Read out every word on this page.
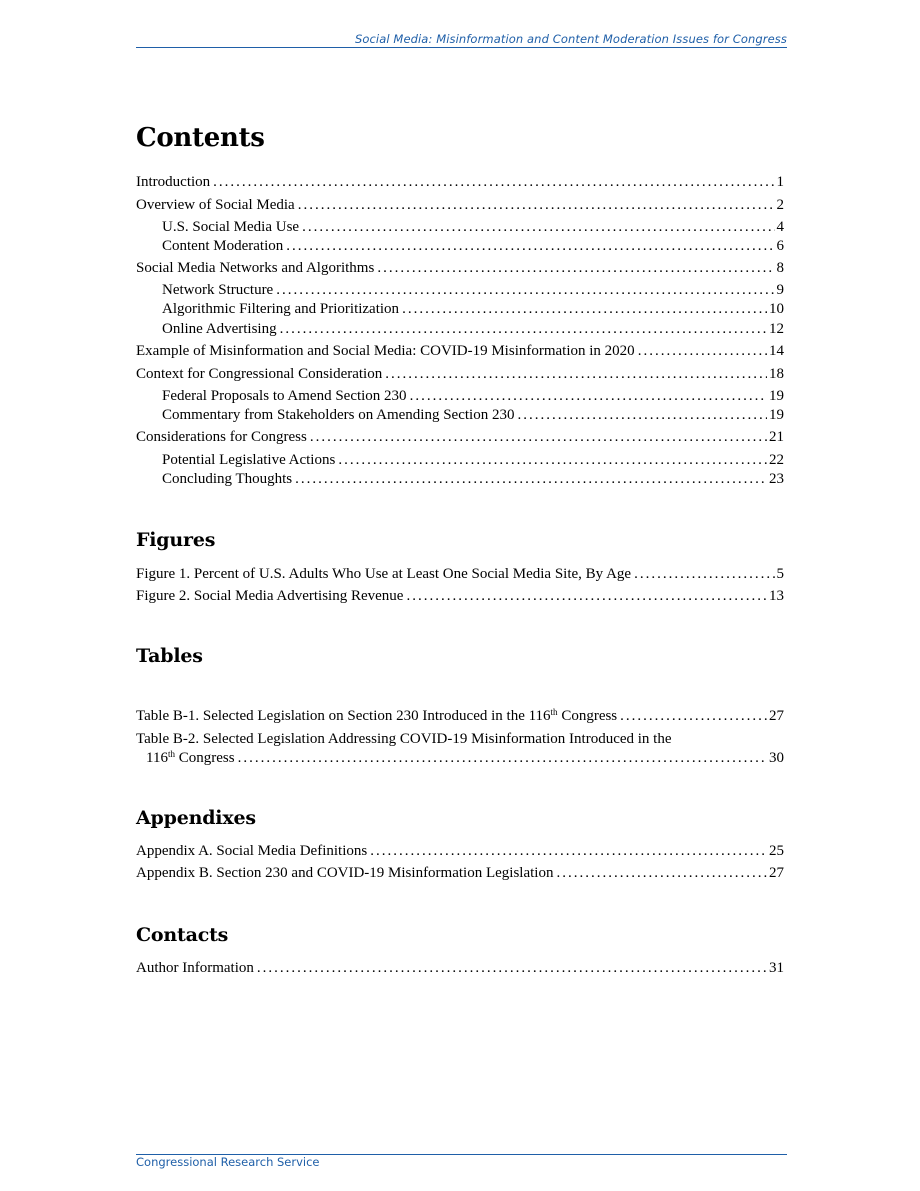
Social Media: Misinformation and Content Moderation Issues for Congress
Contents
Introduction .....	1
Overview of Social Media .....	2
U.S. Social Media Use .....	4
Content Moderation .....	6
Social Media Networks and Algorithms .....	8
Network Structure .....	9
Algorithmic Filtering and Prioritization .....	10
Online Advertising .....	12
Example of Misinformation and Social Media: COVID-19 Misinformation in 2020 .....	14
Context for Congressional Consideration .....	18
Federal Proposals to Amend Section 230 .....	19
Commentary from Stakeholders on Amending Section 230 .....	19
Considerations for Congress .....	21
Potential Legislative Actions .....	22
Concluding Thoughts .....	23
Figures
Figure 1. Percent of U.S. Adults Who Use at Least One Social Media Site, By Age .....	5
Figure 2. Social Media Advertising Revenue .....	13
Tables
Table B-1. Selected Legislation on Section 230 Introduced in the 116th Congress .....	27
Table B-2. Selected Legislation Addressing COVID-19 Misinformation Introduced in the
116th Congress .....	30
Appendixes
Appendix A. Social Media Definitions .....	25
Appendix B. Section 230 and COVID-19 Misinformation Legislation .....	27
Contacts
Author Information .....	31
Congressional Research Service
